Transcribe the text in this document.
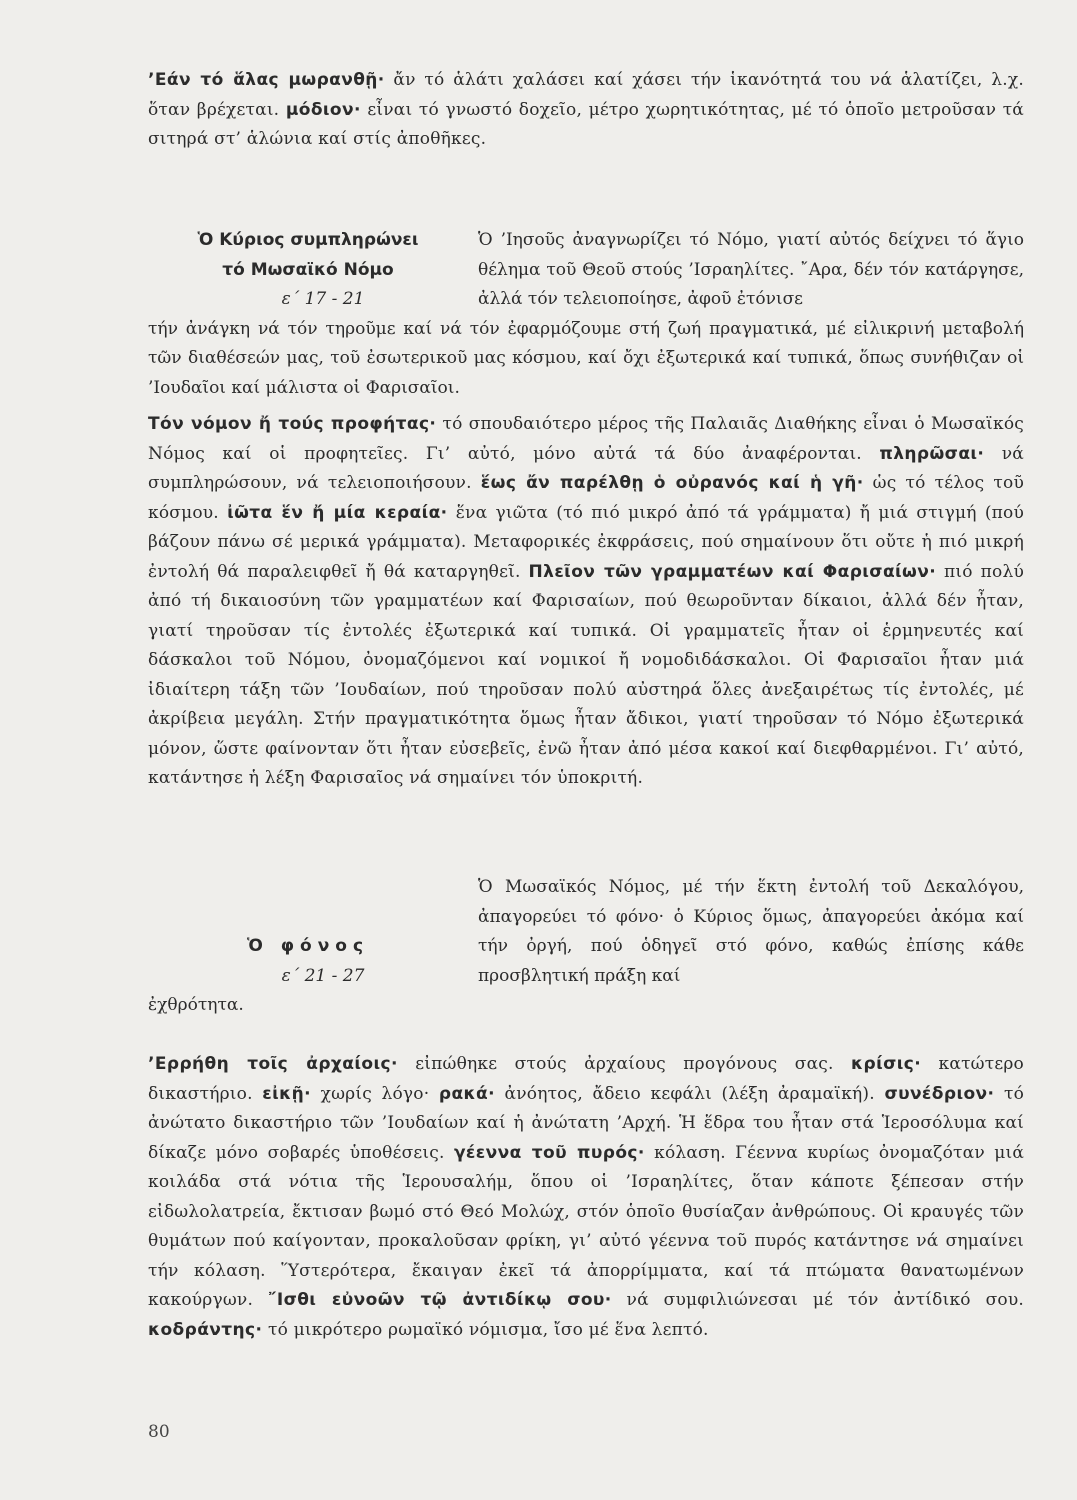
’Εάν τό ἅλας μωρανθῇ· ἄν τό ἁλάτι χαλάσει καί χάσει τήν ἱκανότητά του νά ἁλατίζει, λ.χ. ὅταν βρέχεται. μόδιον· εἶναι τό γνωστό δοχεῖο, μέτρο χωρητικότητας, μέ τό ὁποῖο μετροῦσαν τά σιτηρά στ’ ἁλώνια καί στίς ἀποθῆκες.
Ὁ Κύριος συμπληρώνει
τό Μωσαϊκό Νόμο
ε΄ 17 - 21
Ὁ ’Ιησοῦς ἀναγνωρίζει τό Νόμο, γιατί αὐτός δείχνει τό ἅγιο θέλημα τοῦ Θεοῦ στούς ’Ισραηλίτες. ῎Αρα, δέν τόν κατάργησε, ἀλλά τόν τελειοποίησε, ἀφοῦ ἐτόνισε
τήν ἀνάγκη νά τόν τηροῦμε καί νά τόν ἐφαρμόζουμε στή ζωή πραγματικά, μέ εἰλικρινή μεταβολή τῶν διαθέσεών μας, τοῦ ἐσωτερικοῦ μας κόσμου, καί ὄχι ἐξωτερικά καί τυπικά, ὅπως συνήθιζαν οἱ ’Ιουδαῖοι καί μάλιστα οἱ Φαρισαῖοι.
Τόν νόμον ἤ τούς προφήτας· τό σπουδαιότερο μέρος τῆς Παλαιᾶς Διαθήκης εἶναι ὁ Μωσαϊκός Νόμος καί οἱ προφητεῖες. Γι’ αὐτό, μόνο αὐτά τά δύο ἀναφέρονται. πληρῶσαι· νά συμπληρώσουν, νά τελειοποιήσουν. ἕως ἄν παρέλθῃ ὁ οὐρανός καί ἡ γῆ· ὡς τό τέλος τοῦ κόσμου. ἰῶτα ἕν ἤ μία κεραία· ἕνα γιῶτα (τό πιό μικρό ἀπό τά γράμματα) ἤ μιά στιγμή (πού βάζουν πάνω σέ μερικά γράμματα). Μεταφορικές ἐκφράσεις, πού σημαίνουν ὅτι οὔτε ἡ πιό μικρή ἐντολή θά παραλειφθεῖ ἤ θά καταργηθεῖ. Πλεῖον τῶν γραμματέων καί Φαρισαίων· πιό πολύ ἀπό τή δικαιοσύνη τῶν γραμματέων καί Φαρισαίων, πού θεωροῦνταν δίκαιοι, ἀλλά δέν ἦταν, γιατί τηροῦσαν τίς ἐντολές ἐξωτερικά καί τυπικά. Οἱ γραμματεῖς ἦταν οἱ ἑρμηνευτές καί δάσκαλοι τοῦ Νόμου, ὀνομαζόμενοι καί νομικοί ἤ νομοδιδάσκαλοι. Οἱ Φαρισαῖοι ἦταν μιά ἰδιαίτερη τάξη τῶν ’Ιουδαίων, πού τηροῦσαν πολύ αὐστηρά ὅλες ἀνεξαιρέτως τίς ἐντολές, μέ ἀκρίβεια μεγάλη. Στήν πραγματικότητα ὅμως ἦταν ἄδικοι, γιατί τηροῦσαν τό Νόμο ἐξωτερικά μόνον, ὥστε φαίνονταν ὅτι ἦταν εὐσεβεῖς, ἐνῶ ἦταν ἀπό μέσα κακοί καί διεφθαρμένοι. Γι’ αὐτό, κατάντησε ἡ λέξη Φαρισαῖος νά σημαίνει τόν ὑποκριτή.
Ὁ φόνος
ε΄ 21 - 27
Ὁ Μωσαϊκός Νόμος, μέ τήν ἕκτη ἐντολή τοῦ Δεκαλόγου, ἀπαγορεύει τό φόνο· ὁ Κύριος ὅμως, ἀπαγορεύει ἀκόμα καί τήν ὀργή, πού ὁδηγεῖ στό φόνο, καθώς ἐπίσης κάθε προσβλητική πράξη καί
ἐχθρότητα.
’Ερρήθη τοῖς ἀρχαίοις· εἰπώθηκε στούς ἀρχαίους προγόνους σας. κρίσις· κατώτερο δικαστήριο. εἰκῇ· χωρίς λόγο· ρακά· ἀνόητος, ἄδειο κεφάλι (λέξη ἀραμαϊκή). συνέδριον· τό ἀνώτατο δικαστήριο τῶν ’Ιουδαίων καί ἡ ἀνώτατη ’Αρχή. Ἡ ἕδρα του ἦταν στά Ἱεροσόλυμα καί δίκαζε μόνο σοβαρές ὑποθέσεις. γέεννα τοῦ πυρός· κόλαση. Γέεννα κυρίως ὀνομαζόταν μιά κοιλάδα στά νότια τῆς Ἱερουσαλήμ, ὅπου οἱ ’Ισραηλίτες, ὅταν κάποτε ξέπεσαν στήν εἰδωλολατρεία, ἔκτισαν βωμό στό Θεό Μολώχ, στόν ὁποῖο θυσίαζαν ἀνθρώπους. Οἱ κραυγές τῶν θυμάτων πού καίγονταν, προκαλοῦσαν φρίκη, γι’ αὐτό γέεννα τοῦ πυρός κατάντησε νά σημαίνει τήν κόλαση. Ὕστερότερα, ἔκαιγαν ἐκεῖ τά ἀπορρίμματα, καί τά πτώματα θανατωμένων κακούργων. ῎Ισθι εὐνοῶν τῷ ἀντιδίκῳ σου· νά συμφιλιώνεσαι μέ τόν ἀντίδικό σου. κοδράντης· τό μικρότερο ρωμαϊκό νόμισμα, ἴσο μέ ἕνα λεπτό.
80
